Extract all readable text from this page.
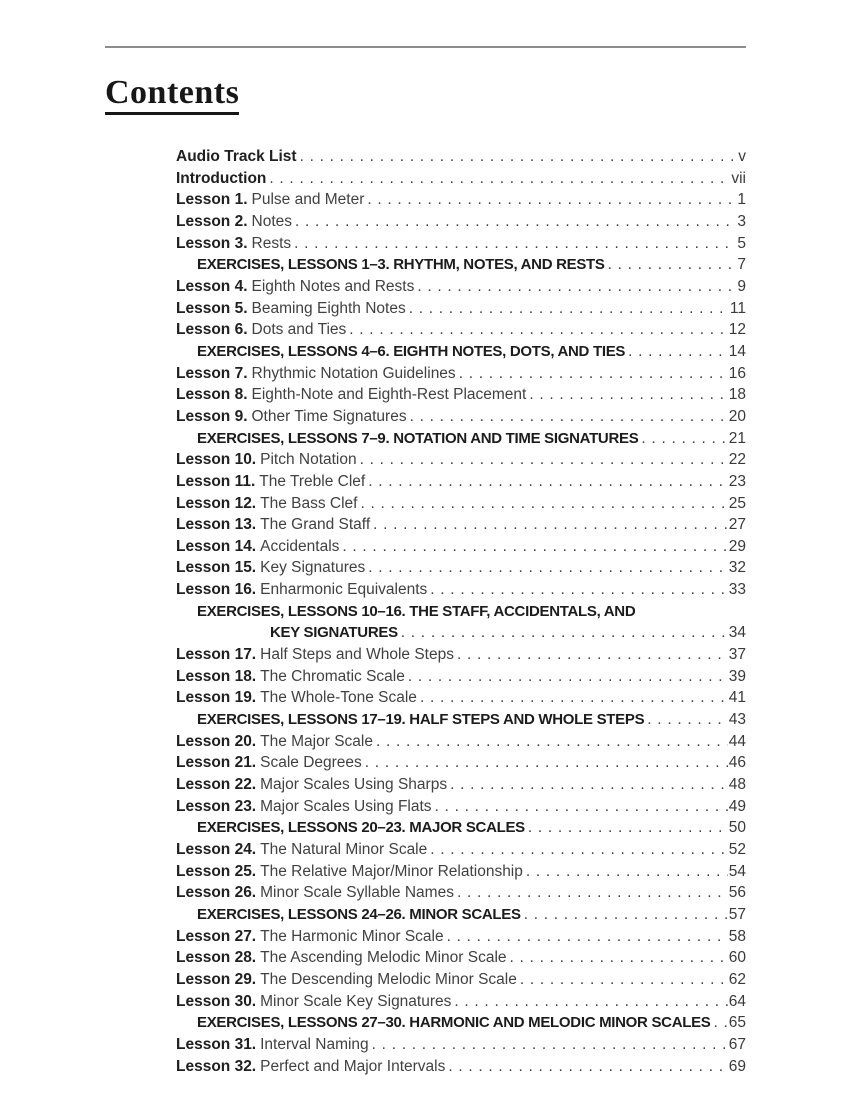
Contents
Audio Track List . . .	v
Introduction . . .	vii
Lesson 1. Pulse and Meter . . .	1
Lesson 2. Notes . . .	3
Lesson 3. Rests . . .	5
EXERCISES, LESSONS 1–3. RHYTHM, NOTES, AND RESTS . . .	7
Lesson 4. Eighth Notes and Rests . . .	9
Lesson 5. Beaming Eighth Notes . . .	11
Lesson 6. Dots and Ties . . .	12
EXERCISES, LESSONS 4–6. EIGHTH NOTES, DOTS, AND TIES . . .	14
Lesson 7. Rhythmic Notation Guidelines . . .	16
Lesson 8. Eighth-Note and Eighth-Rest Placement . . .	18
Lesson 9. Other Time Signatures . . .	20
EXERCISES, LESSONS 7–9. NOTATION AND TIME SIGNATURES . . .	21
Lesson 10. Pitch Notation . . .	22
Lesson 11. The Treble Clef . . .	23
Lesson 12. The Bass Clef . . .	25
Lesson 13. The Grand Staff . . .	27
Lesson 14. Accidentals . . .	29
Lesson 15. Key Signatures . . .	32
Lesson 16. Enharmonic Equivalents . . .	33
EXERCISES, LESSONS 10–16. THE STAFF, ACCIDENTALS, AND
KEY SIGNATURES . . .	34
Lesson 17. Half Steps and Whole Steps . . .	37
Lesson 18. The Chromatic Scale . . .	39
Lesson 19. The Whole-Tone Scale . . .	41
EXERCISES, LESSONS 17–19. HALF STEPS AND WHOLE STEPS . . .	43
Lesson 20. The Major Scale . . .	44
Lesson 21. Scale Degrees . . .	46
Lesson 22. Major Scales Using Sharps . . .	48
Lesson 23. Major Scales Using Flats . . .	49
EXERCISES, LESSONS 20–23. MAJOR SCALES . . .	50
Lesson 24. The Natural Minor Scale . . .	52
Lesson 25. The Relative Major/Minor Relationship . . .	54
Lesson 26. Minor Scale Syllable Names . . .	56
EXERCISES, LESSONS 24–26. MINOR SCALES . . .	57
Lesson 27. The Harmonic Minor Scale . . .	58
Lesson 28. The Ascending Melodic Minor Scale . . .	60
Lesson 29. The Descending Melodic Minor Scale . . .	62
Lesson 30. Minor Scale Key Signatures . . .	64
EXERCISES, LESSONS 27–30. HARMONIC AND MELODIC MINOR SCALES . . . 65
Lesson 31. Interval Naming . . .	67
Lesson 32. Perfect and Major Intervals . . .	69
